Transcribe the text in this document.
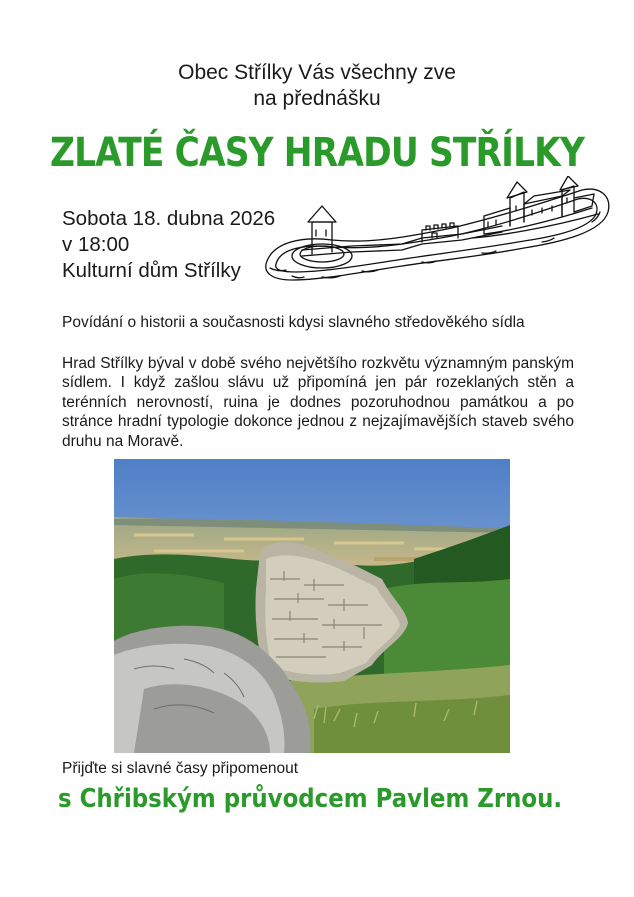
Obec Střílky Vás všechny zve
na přednášku
ZLATÉ ČASY HRADU STŘÍLKY
Sobota 18. dubna 2026
v 18:00
Kulturní dům Střílky
Povídání o historii a současnosti kdysi slavného středověkého sídla
Hrad Střílky býval v době svého největšího rozkvětu významným panským sídlem. I když zašlou slávu už připomíná jen pár rozeklaných stěn a terénních nerovností, ruina je dodnes pozoruhodnou památkou a po stránce hradní typologie dokonce jednou z nejzajímavějších staveb svého druhu na Moravě.
Přijďte si slavné časy připomenout
s Chřibským průvodcem Pavlem Zrnou.
